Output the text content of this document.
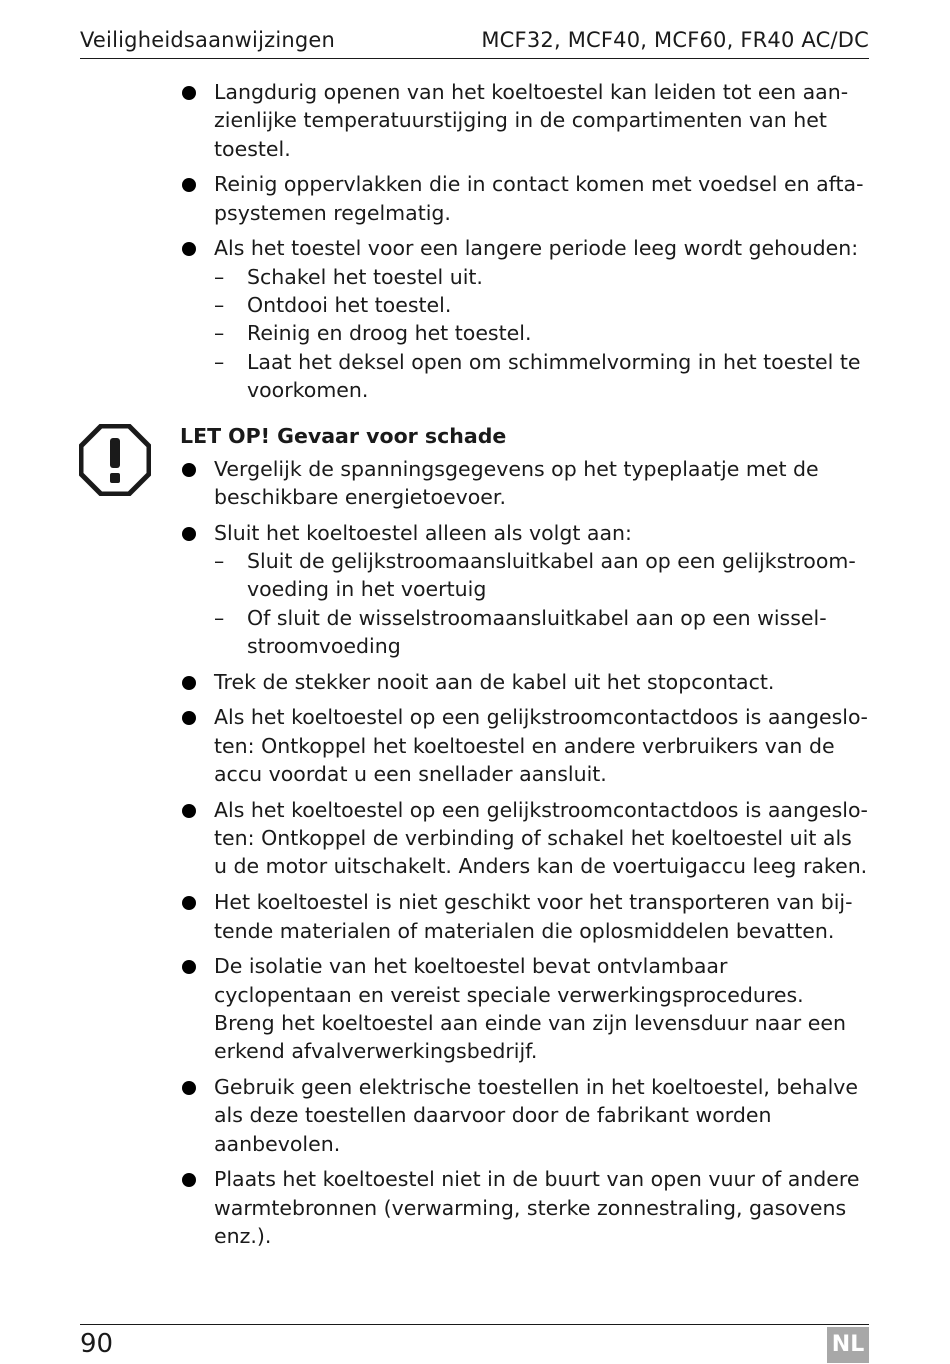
Veiligheidsaanwijzingen	MCF32, MCF40, MCF60, FR40 AC/DC
Langdurig openen van het koeltoestel kan leiden tot een aanzienlijke temperatuurstijging in de compartimenten van het toestel.
Reinig oppervlakken die in contact komen met voedsel en aftapsystemen regelmatig.
Als het toestel voor een langere periode leeg wordt gehouden:
– Schakel het toestel uit.
– Ontdooi het toestel.
– Reinig en droog het toestel.
– Laat het deksel open om schimmelvorming in het toestel te voorkomen.
LET OP! Gevaar voor schade
Vergelijk de spanningsgegevens op het typeplaatje met de beschikbare energietoevoer.
Sluit het koeltoestel alleen als volgt aan:
– Sluit de gelijkstroomaansluitkabel aan op een gelijkstroomvoeding in het voertuig
– Of sluit de wisselstroomaansluitkabel aan op een wisselstroomvoeding
Trek de stekker nooit aan de kabel uit het stopcontact.
Als het koeltoestel op een gelijkstroomcontactdoos is aangesloten: Ontkoppel het koeltoestel en andere verbruikers van de accu voordat u een snellader aansluit.
Als het koeltoestel op een gelijkstroomcontactdoos is aangesloten: Ontkoppel de verbinding of schakel het koeltoestel uit als u de motor uitschakelt. Anders kan de voertuigaccu leeg raken.
Het koeltoestel is niet geschikt voor het transporteren van bijtende materialen of materialen die oplosmiddelen bevatten.
De isolatie van het koeltoestel bevat ontvlambaar cyclopentaan en vereist speciale verwerkingsprocedures. Breng het koeltoestel aan einde van zijn levensduur naar een erkend afvalverwerkingsbedrijf.
Gebruik geen elektrische toestellen in het koeltoestel, behalve als deze toestellen daarvoor door de fabrikant worden aanbevolen.
Plaats het koeltoestel niet in de buurt van open vuur of andere warmtebronnen (verwarming, sterke zonnestraling, gasovens enz.).
90	NL
